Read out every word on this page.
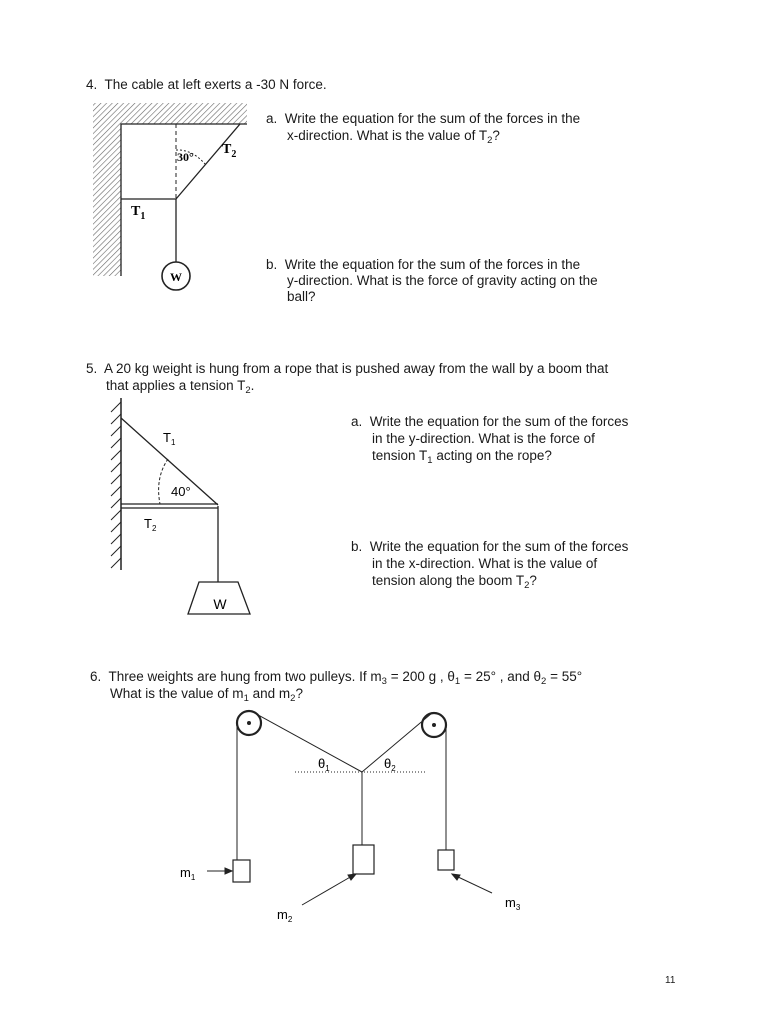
4. The cable at left exerts a -30 N force.
a. Write the equation for the sum of the forces in the
x-direction. What is the value of $T_2$?
b. Write the equation for the sum of the forces in the
y-direction. What is the force of gravity acting on the
ball?
30° $T_2$
$T_1$
W
5. A 20 kg weight is hung from a rope that is pushed away from the wall by a boom that
that applies a tension $T_2$.
a. Write the equation for the sum of the forces
in the y-direction. What is the force of
tension $T_1$ acting on the rope?
b. Write the equation for the sum of the forces
in the x-direction. What is the value of
tension along the boom $T_2$?
40°
$T_1$
$T_2$
W
6. Three weights are hung from two pulleys. If $m_3 = 200$ g , $\theta_1 = 25^\circ$ , and $\theta_2 = 55^\circ$
What is the value of $m_1$ and $m_2$?
$\theta_1$	$\theta_2$
$m_1$
$m_2$
$m_3$
11
